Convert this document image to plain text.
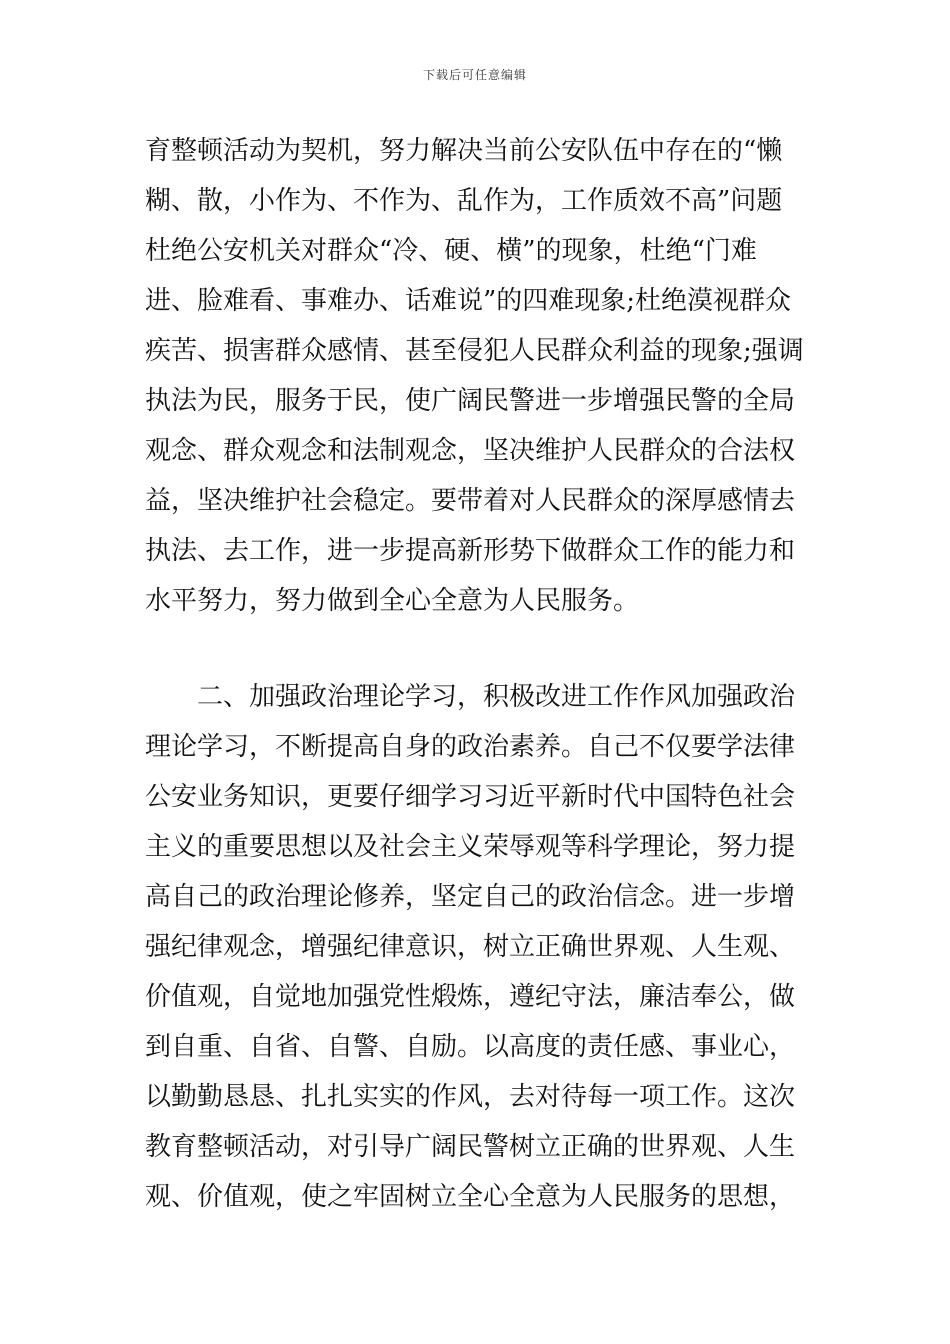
下载后可任意编辑
育整顿活动为契机，努力解决当前公安队伍中存在的“懒
糊、散，小作为、不作为、乱作为，工作质效不高”问题
杜绝公安机关对群众“冷、硬、横”的现象，杜绝“门难
进、脸难看、事难办、话难说”的四难现象;杜绝漠视群众
疾苦、损害群众感情、甚至侵犯人民群众利益的现象;强调
执法为民，服务于民，使广阔民警进一步增强民警的全局
观念、群众观念和法制观念，坚决维护人民群众的合法权
益，坚决维护社会稳定。要带着对人民群众的深厚感情去
执法、去工作，进一步提高新形势下做群众工作的能力和
水平努力，努力做到全心全意为人民服务。
　　二、加强政治理论学习，积极改进工作作风加强政治
理论学习，不断提高自身的政治素养。自己不仅要学法律
公安业务知识，更要仔细学习习近平新时代中国特色社会
主义的重要思想以及社会主义荣辱观等科学理论，努力提
高自己的政治理论修养，坚定自己的政治信念。进一步增
强纪律观念，增强纪律意识，树立正确世界观、人生观、
价值观，自觉地加强党性煅炼，遵纪守法，廉洁奉公，做
到自重、自省、自警、自励。以高度的责任感、事业心，
以勤勤恳恳、扎扎实实的作风，去对待每一项工作。这次
教育整顿活动，对引导广阔民警树立正确的世界观、人生
观、价值观，使之牢固树立全心全意为人民服务的思想，
